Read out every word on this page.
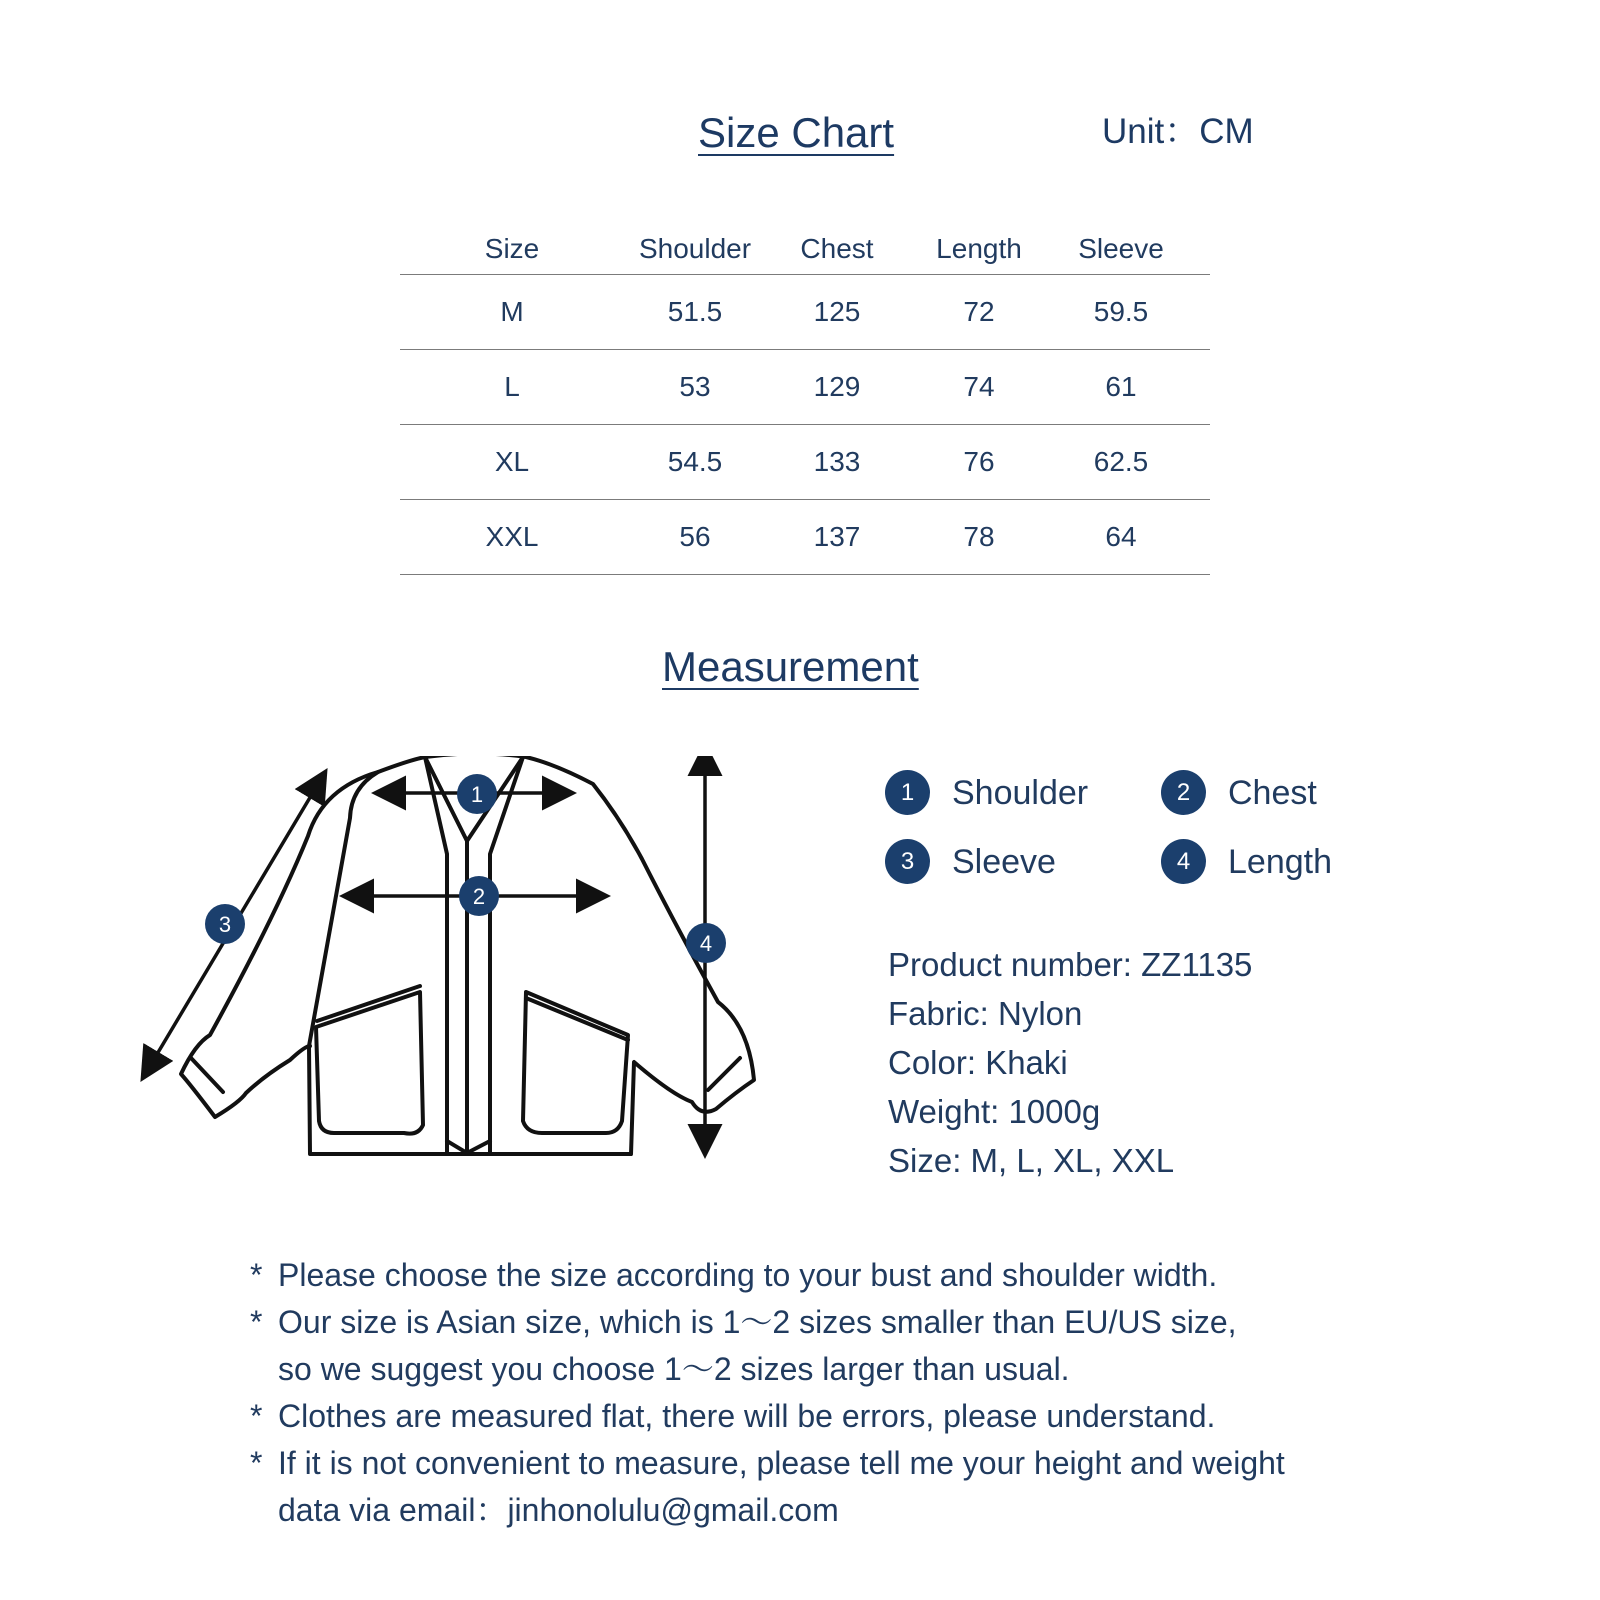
Size Chart	Unit：CM
Size	Shoulder	Chest	Length	Sleeve
M	51.5	125	72	59.5
L	53	129	74	61
XL	54.5	133	76	62.5
XXL	56	137	78	64
Measurement
1
2
3
4
1	Shoulder	2	Chest
3	Sleeve	4	Length
Product number: ZZ1135
Fabric: Nylon
Color: Khaki
Weight: 1000g
Size: M, L, XL, XXL
* Please choose the size according to your bust and shoulder width.
* Our size is Asian size, which is 1～2 sizes smaller than EU/US size,
so we suggest you choose 1～2 sizes larger than usual.
* Clothes are measured flat, there will be errors, please understand.
* If it is not convenient to measure, please tell me your height and weight
data via email：jinhonolulu@gmail.com
